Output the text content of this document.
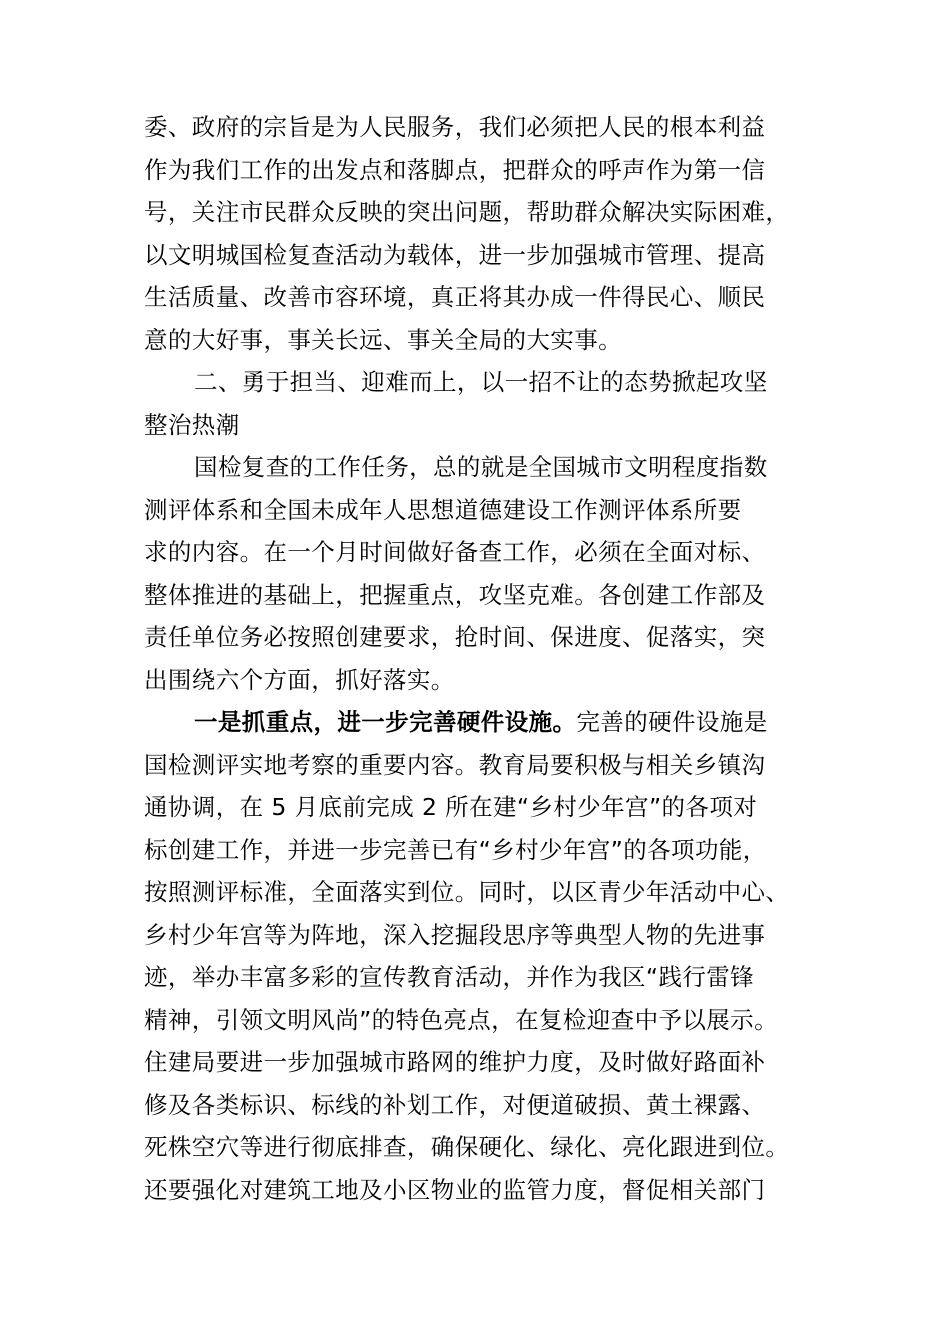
委、政府的宗旨是为人民服务，我们必须把人民的根本利益
作为我们工作的出发点和落脚点，把群众的呼声作为第一信
号，关注市民群众反映的突出问题，帮助群众解决实际困难，
以文明城国检复查活动为载体，进一步加强城市管理、提高
生活质量、改善市容环境，真正将其办成一件得民心、顺民
意的大好事，事关长远、事关全局的大实事。
二、勇于担当、迎难而上，以一招不让的态势掀起攻坚
整治热潮
国检复查的工作任务，总的就是全国城市文明程度指数
测评体系和全国未成年人思想道德建设工作测评体系所要
求的内容。在一个月时间做好备查工作，必须在全面对标、
整体推进的基础上，把握重点，攻坚克难。各创建工作部及
责任单位务必按照创建要求，抢时间、保进度、促落实，突
出围绕六个方面，抓好落实。
一是抓重点，进一步完善硬件设施。完善的硬件设施是
国检测评实地考察的重要内容。教育局要积极与相关乡镇沟
通协调，在 5 月底前完成 2 所在建“乡村少年宫”的各项对
标创建工作，并进一步完善已有“乡村少年宫”的各项功能，
按照测评标准，全面落实到位。同时，以区青少年活动中心、
乡村少年宫等为阵地，深入挖掘段思序等典型人物的先进事
迹，举办丰富多彩的宣传教育活动，并作为我区“践行雷锋
精神，引领文明风尚”的特色亮点，在复检迎查中予以展示。
住建局要进一步加强城市路网的维护力度，及时做好路面补
修及各类标识、标线的补划工作，对便道破损、黄土裸露、
死株空穴等进行彻底排查，确保硬化、绿化、亮化跟进到位。
还要强化对建筑工地及小区物业的监管力度，督促相关部门
